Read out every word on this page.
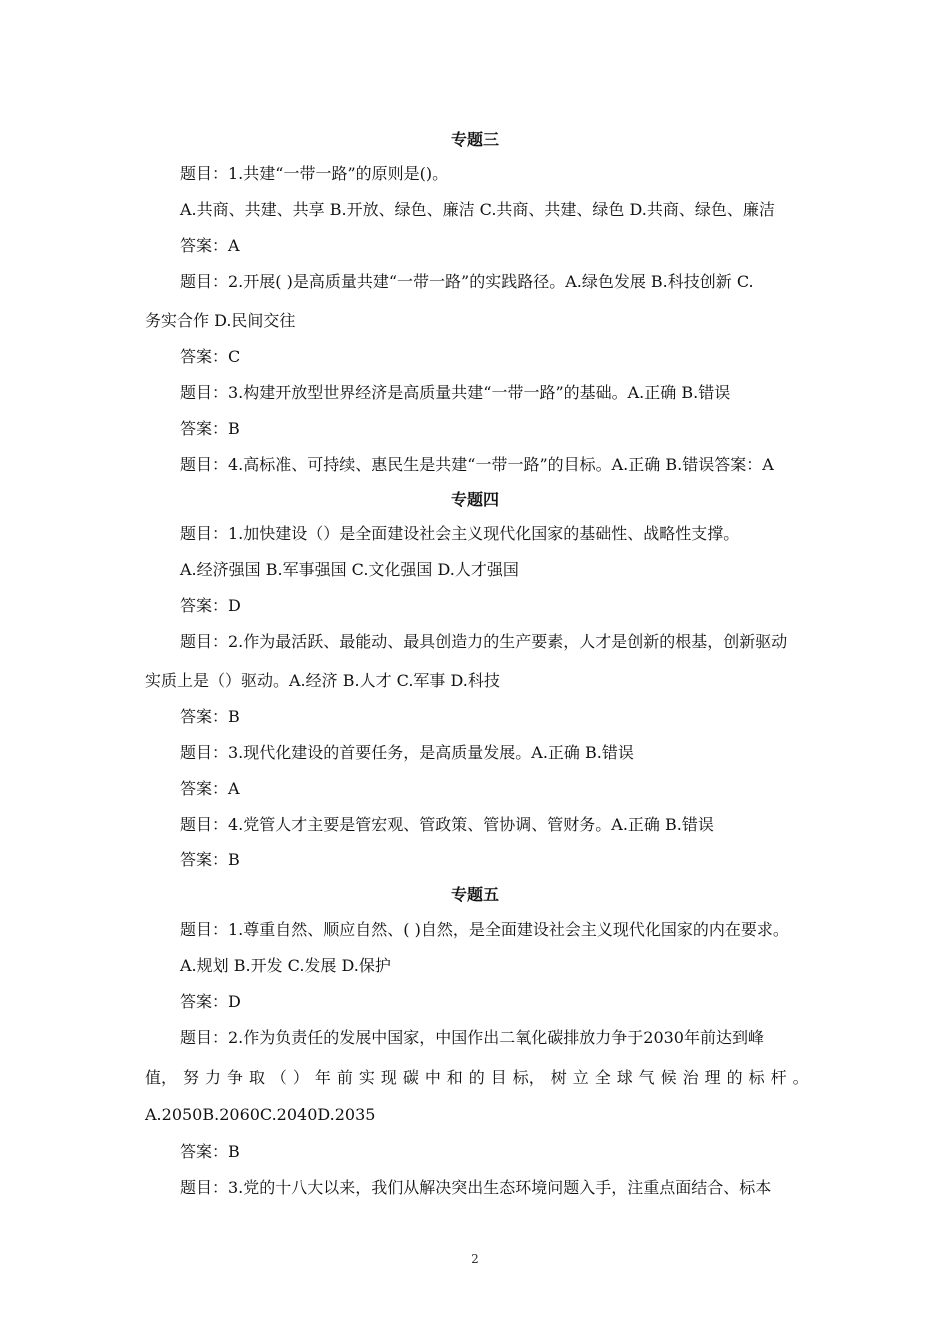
专题三
题目：1.共建“一带一路”的原则是()。
A.共商、共建、共享 B.开放、绿色、廉洁 C.共商、共建、绿色 D.共商、绿色、廉洁
答案：A
题目：2.开展( )是高质量共建“一带一路”的实践路径。A.绿色发展 B.科技创新 C.
务实合作 D.民间交往
答案：C
题目：3.构建开放型世界经济是高质量共建“一带一路”的基础。A.正确 B.错误
答案：B
题目：4.高标准、可持续、惠民生是共建“一带一路”的目标。A.正确 B.错误答案：A
专题四
题目：1.加快建设（）是全面建设社会主义现代化国家的基础性、战略性支撑。
A.经济强国 B.军事强国 C.文化强国 D.人才强国
答案：D
题目：2.作为最活跃、最能动、最具创造力的生产要素，人才是创新的根基，创新驱动
实质上是（）驱动。A.经济 B.人才 C.军事 D.科技
答案：B
题目：3.现代化建设的首要任务，是高质量发展。A.正确 B.错误
答案：A
题目：4.党管人才主要是管宏观、管政策、管协调、管财务。A.正确 B.错误
答案：B
专题五
题目：1.尊重自然、顺应自然、( )自然，是全面建设社会主义现代化国家的内在要求。
A.规划 B.开发 C.发展 D.保护
答案：D
题目：2.作为负责任的发展中国家，中国作出二氧化碳排放力争于2030年前达到峰
值， 努 力 争 取 （ ） 年 前 实 现 碳 中 和 的 目 标， 树 立 全 球 气 候 治 理 的 标 杆 。
A.2050B.2060C.2040D.2035
答案：B
题目：3.党的十八大以来，我们从解决突出生态环境问题入手，注重点面结合、标本
2
